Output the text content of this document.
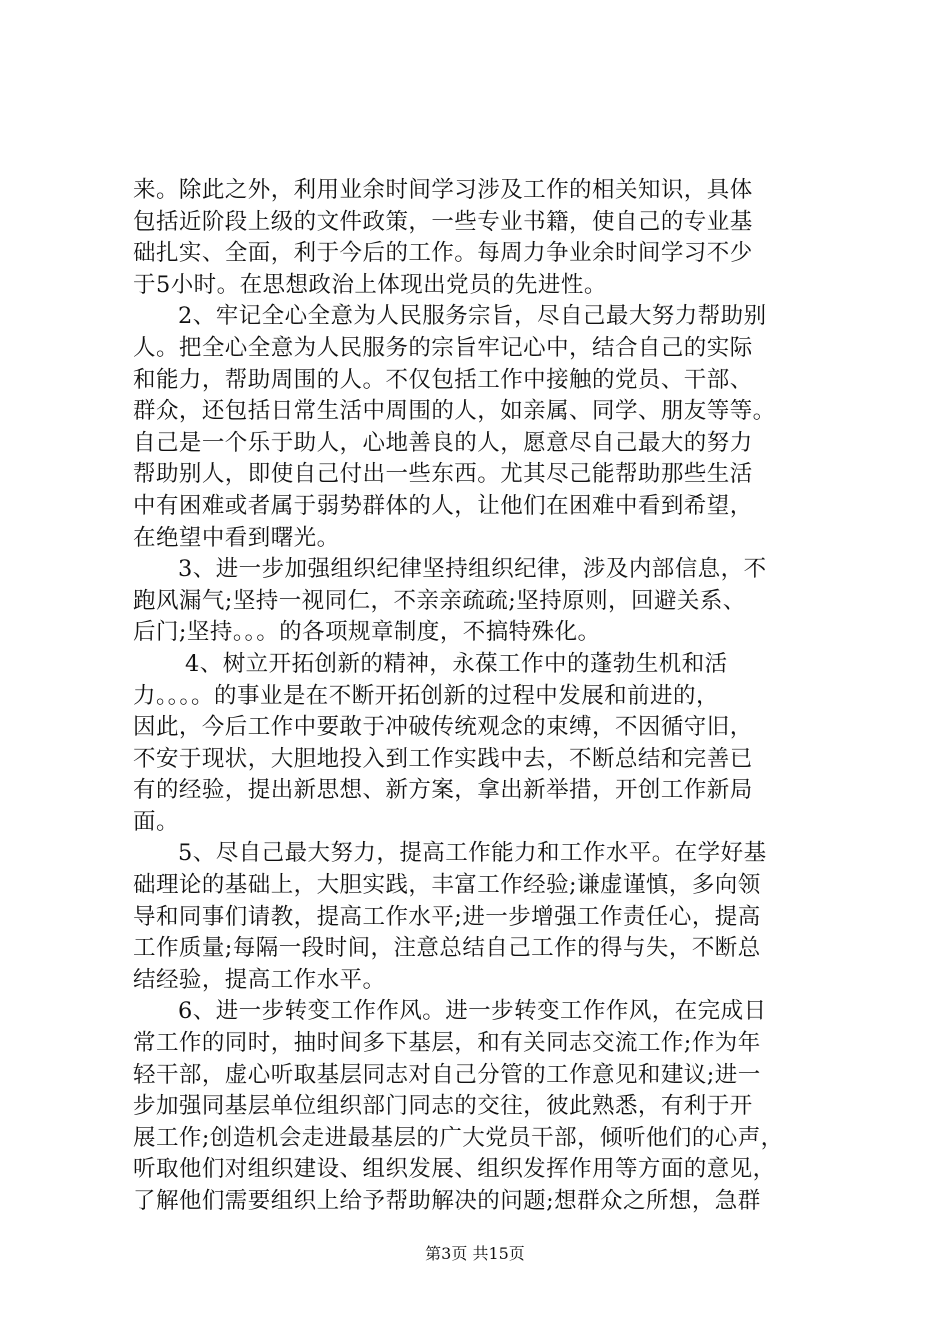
来。除此之外，利用业余时间学习涉及工作的相关知识，具体
包括近阶段上级的文件政策，一些专业书籍，使自己的专业基
础扎实、全面，利于今后的工作。每周力争业余时间学习不少
于5小时。在思想政治上体现出党员的先进性。
2、牢记全心全意为人民服务宗旨，尽自己最大努力帮助别
人。把全心全意为人民服务的宗旨牢记心中，结合自己的实际
和能力，帮助周围的人。不仅包括工作中接触的党员、干部、
群众，还包括日常生活中周围的人，如亲属、同学、朋友等等。
自己是一个乐于助人，心地善良的人，愿意尽自己最大的努力
帮助别人，即使自己付出一些东西。尤其尽己能帮助那些生活
中有困难或者属于弱势群体的人，让他们在困难中看到希望，
在绝望中看到曙光。
3、进一步加强组织纪律坚持组织纪律，涉及内部信息，不
跑风漏气;坚持一视同仁，不亲亲疏疏;坚持原则，回避关系、
后门;坚持。。。的各项规章制度，不搞特殊化。
4、树立开拓创新的精神，永葆工作中的蓬勃生机和活
力。。。。的事业是在不断开拓创新的过程中发展和前进的，
因此，今后工作中要敢于冲破传统观念的束缚，不因循守旧，
不安于现状，大胆地投入到工作实践中去，不断总结和完善已
有的经验，提出新思想、新方案，拿出新举措，开创工作新局
面。
5、尽自己最大努力，提高工作能力和工作水平。在学好基
础理论的基础上，大胆实践，丰富工作经验;谦虚谨慎，多向领
导和同事们请教，提高工作水平;进一步增强工作责任心，提高
工作质量;每隔一段时间，注意总结自己工作的得与失，不断总
结经验，提高工作水平。
6、进一步转变工作作风。进一步转变工作作风，在完成日
常工作的同时，抽时间多下基层，和有关同志交流工作;作为年
轻干部，虚心听取基层同志对自己分管的工作意见和建议;进一
步加强同基层单位组织部门同志的交往，彼此熟悉，有利于开
展工作;创造机会走进最基层的广大党员干部，倾听他们的心声，
听取他们对组织建设、组织发展、组织发挥作用等方面的意见，
了解他们需要组织上给予帮助解决的问题;想群众之所想，急群
第3页 共15页
